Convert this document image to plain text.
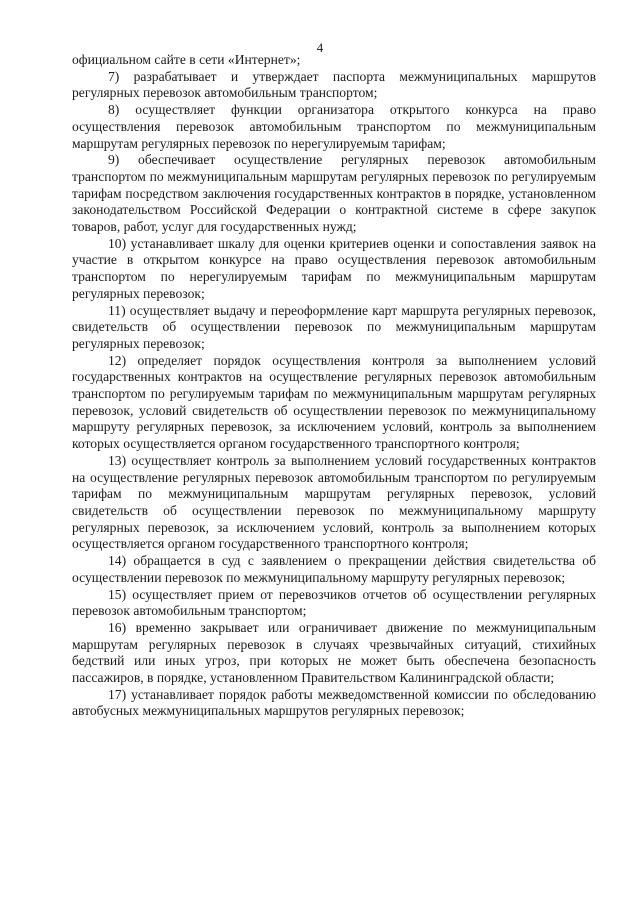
4

официальном сайте в сети «Интернет»;

7) разрабатывает и утверждает паспорта межмуниципальных маршрутов регулярных перевозок автомобильным транспортом;

8) осуществляет функции организатора открытого конкурса на право осуществления перевозок автомобильным транспортом по межмуниципальным маршрутам регулярных перевозок по нерегулируемым тарифам;

9) обеспечивает осуществление регулярных перевозок автомобильным транспортом по межмуниципальным маршрутам регулярных перевозок по регулируемым тарифам посредством заключения государственных контрактов в порядке, установленном законодательством Российской Федерации о контрактной системе в сфере закупок товаров, работ, услуг для государственных нужд;

10) устанавливает шкалу для оценки критериев оценки и сопоставления заявок на участие в открытом конкурсе на право осуществления перевозок автомобильным транспортом по нерегулируемым тарифам по межмуниципальным маршрутам регулярных перевозок;

11) осуществляет выдачу и переоформление карт маршрута регулярных перевозок, свидетельств об осуществлении перевозок по межмуниципальным маршрутам регулярных перевозок;

12) определяет порядок осуществления контроля за выполнением условий государственных контрактов на осуществление регулярных перевозок автомобильным транспортом по регулируемым тарифам по межмуниципальным маршрутам регулярных перевозок, условий свидетельств об осуществлении перевозок по межмуниципальному маршруту регулярных перевозок, за исключением условий, контроль за выполнением которых осуществляется органом государственного транспортного контроля;

13) осуществляет контроль за выполнением условий государственных контрактов на осуществление регулярных перевозок автомобильным транспортом по регулируемым тарифам по межмуниципальным маршрутам регулярных перевозок, условий свидетельств об осуществлении перевозок по межмуниципальному маршруту регулярных перевозок, за исключением условий, контроль за выполнением которых осуществляется органом государственного транспортного контроля;

14) обращается в суд с заявлением о прекращении действия свидетельства об осуществлении перевозок по межмуниципальному маршруту регулярных перевозок;

15) осуществляет прием от перевозчиков отчетов об осуществлении регулярных перевозок автомобильным транспортом;

16) временно закрывает или ограничивает движение по межмуниципальным маршрутам регулярных перевозок в случаях чрезвычайных ситуаций, стихийных бедствий или иных угроз, при которых не может быть обеспечена безопасность пассажиров, в порядке, установленном Правительством Калининградской области;

17) устанавливает порядок работы межведомственной комиссии по обследованию автобусных межмуниципальных маршрутов регулярных перевозок;
